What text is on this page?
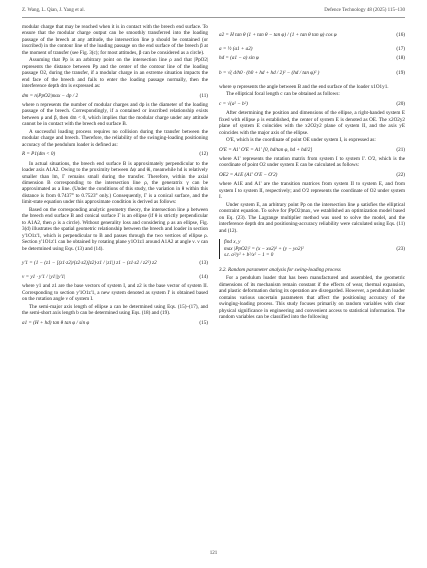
Z. Wang, L. Qian, J. Yang et al.	Defence Technology 48 (2025) 115–130

modular charge that may be reached when it is in contact with the breech end surface. To ensure that the modular charge output can be smoothly transferred into the loading passage of the breech at any attitude, the intersection line p should be contained (or inscribed) in the contour line of the loading passage on the end surface of the breech β at the moment of transfer (see Fig. 3(c); for most attitudes, β can be considered as a circle).

Assuming that Pp is an arbitrary point on the intersection line ρ and that |PpO2| represents the distance between Pp and the center of the contour line of the loading passage O2, during the transfer, if a modular charge in an extreme situation impacts the end face of the breech and fails to enter the loading passage normally, then the interference depth dm is expressed as:

dm = n|PpO2|max − dp / 2	(11)

where n represents the number of modular charges and dp is the diameter of the loading passage of the breech. Correspondingly, if a contained or inscribed relationship exists between ρ and β, then dm < 0, which implies that the modular charge under any attitude cannot be in contact with the breech end surface B.

A successful loading process requires no collision during the transfer between the modular charge and breech. Therefore, the reliability of the swinging-loading positioning accuracy of the pendulum loader is defined as:

R = P1(dm < 0)	(12)

In actual situations, the breech end surface B is approximately perpendicular to the loader axis A1A2. Owing to the proximity between Δψ and θi, meanwhile hd is relatively smaller than lm, Γ remains small during the transfer. Therefore, within the axial dimension B corresponding to the intersection line ρ, the generatrix γ can be approximated as a line. (Under the conditions of this study, the variation in θ within this distance is from 0.7437° to 0.7523° only.) Consequently, Γ is a conical surface, and the limit-state equation under this approximate condition is derived as follows:

Based on the corresponding analytic geometry theory, the intersection line ρ between the breech end surface B and conical surface Γ is an ellipse (if θ is strictly perpendicular to A1A2, then ρ is a circle). Without generality loss and considering ρ as an ellipse, Fig. 3(d) illustrates the spatial geometric relationship between the breech and loader in section y'1O1z'1, which is perpendicular to B and passes through the two vertices of ellipse ρ. Section y'1O1z'1 can be obtained by rotating plane y1O1z1 around A1A2 at angle ν. ν can be determined using Eqs. (13) and (14).

y'1 = (1 − (z1 − [(z1·z2)/(z2·z2)]z2)·z1 / |z1|) z1 − (z1·z2 / z2²) z2	(13)
ν = y1 · y'1 / |y1||y'1|	(14)

where y1 and z1 are the base vectors of system I, and z2 is the base vector of system II. Corresponding to section y'1O1z'1, a new system denoted as system I' is obtained based on the rotation angle ν of system I.

The semi-major axis length of ellipse a can be determined using Eqs. (15)–(17), and the semi-short axis length b can be determined using Eqs. (18) and (19).

a1 = (H + hd) tan θ tan φ / sin φ	(15)
a2 = H tan θ (1 + tan θ − tan φ) / (1 + tan θ tan φ) cos φ	(16)
a = ½ (a1 + a2)	(17)
hd = (a1 − a) sin φ	(18)
b = √( d/h0 · (h0 + hd + hd / 2)² − (hd / tan φ)² )	(19)

where φ represents the angle between B and the end surface of the loader x1O1y1.

The elliptical focal length c can be obtained as follows:

c = √(a² − b²)	(20)

After determining the position and dimensions of the ellipse, a right-handed system E fixed with ellipse ρ is established, the center of system E is denoted as OE. The x2O2y2 plane of system E coincides with the x2O2y2 plane of system II, and the axis yE coincides with the major axis of the ellipse.

O'E, which is the coordinate of point OE under system I, is expressed as:

O'E = A1' O'E = A1' [0, hd/tan φ, hd + hd/2]	(21)

where A1' represents the rotation matrix from system I to system I'. O'2, which is the coordinate of point O2 under system E can be calculated as follows:

OE2 = A1E (A1' O'E − O'2)	(22)

where A1E and A1' are the transition matrices from system II to system E, and from system I to system II, respectively; and O'2 represents the coordinate of O2 under system I.

Under system E, an arbitrary point Pp on the intersection line ρ satisfies the elliptical constraint equation. To solve for |PpO2|max, we established an optimization model based on Eq. (23). The Lagrange multiplier method was used to solve the model, and the interference depth dm and positioning-accuracy reliability were calculated using Eqs. (11) and (12).

find x, y
max |PpO2|² = (x − xo2)² + (y − yo2)²
s.t. a²/y² + b²/x² − 1 = 0
(23)
3.2. Random parameter analysis for swing-loading process

For a pendulum loader that has been manufactured and assembled, the geometric dimensions of its mechanism remain constant if the effects of wear, thermal expansion, and plastic deformation during its operation are disregarded. However, a pendulum loader contains various uncertain parameters that affect the positioning accuracy of the swinging-loading process. This study focuses primarily on random variables with clear physical significance in engineering and convenient access to statistical information. The random variables can be classified into the following

121
